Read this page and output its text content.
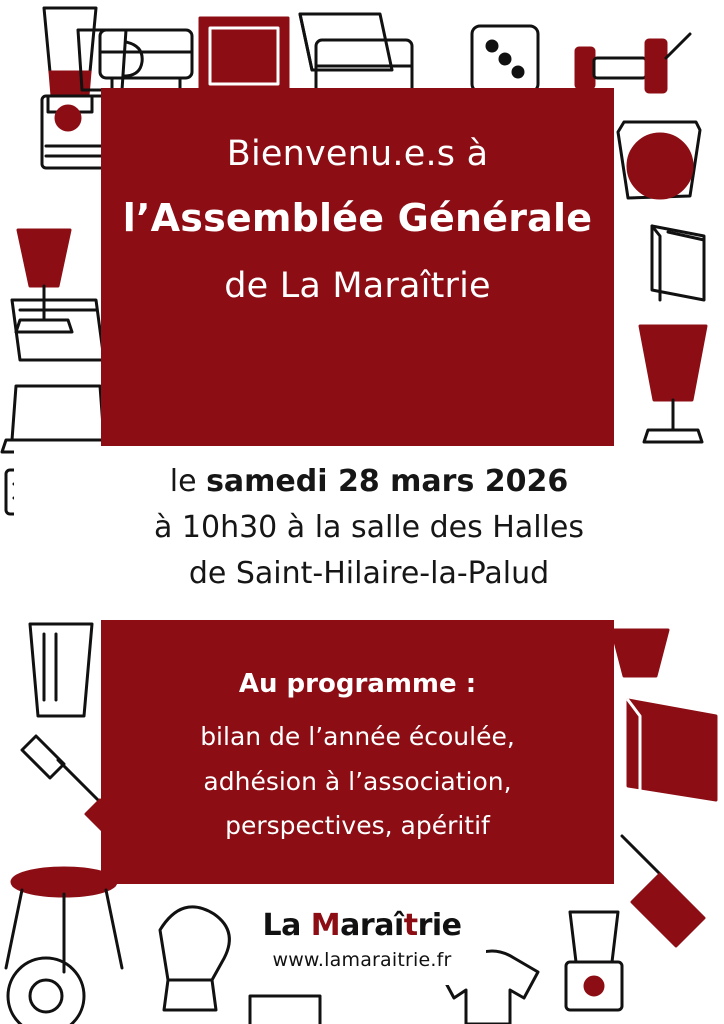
Bienvenu.e.s à
l’Assemblée Générale
de La Maraîtrie
le samedi 28 mars 2026
à 10h30 à la salle des Halles
de Saint-Hilaire-la-Palud
Au programme :
bilan de l’année écoulée,
adhésion à l’association,
perspectives, apéritif
La Maraîtrie
www.lamaraitrie.fr
